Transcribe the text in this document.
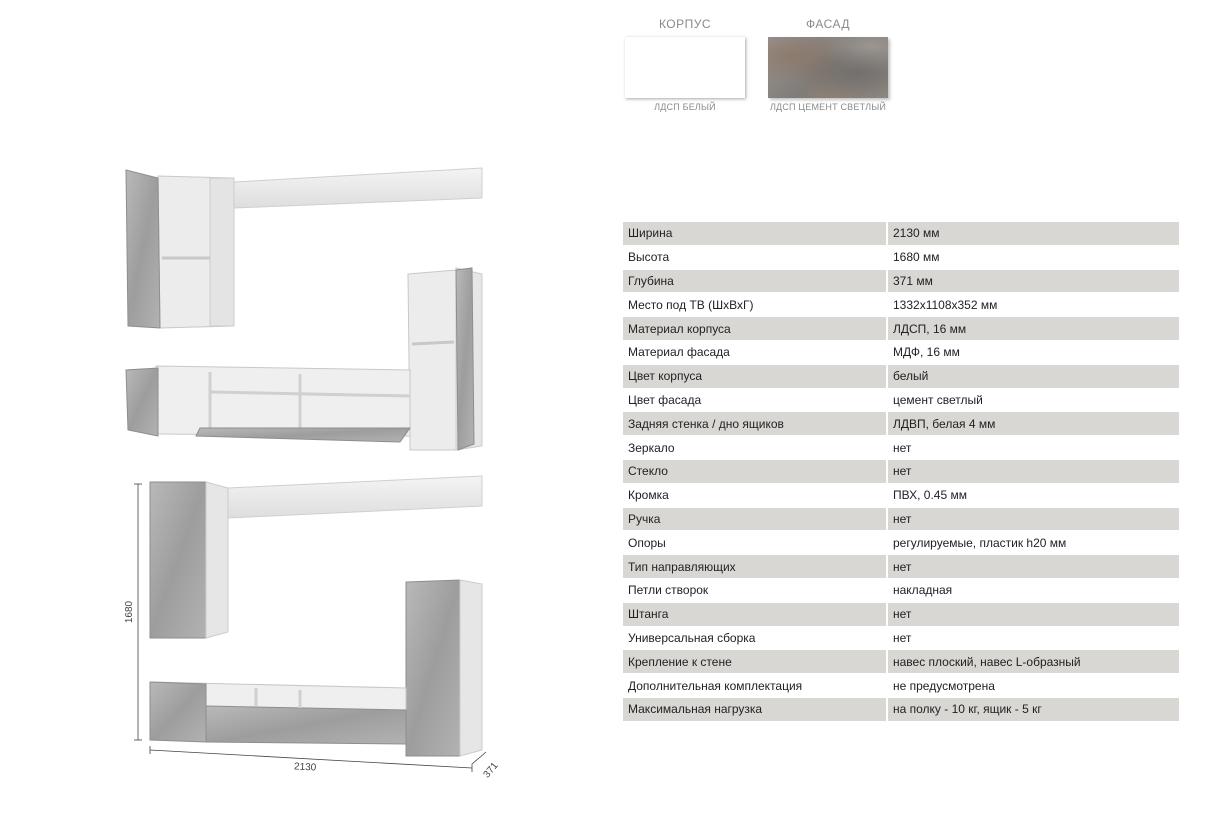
КОРПУС
ЛДСП БЕЛЫЙ
ФАСАД
ЛДСП ЦЕМЕНТ СВЕТЛЫЙ
1680
2130	371
Ширина	2130 мм
Высота	1680 мм
Глубина	371 мм
Место под ТВ (ШхВхГ)	1332х1108х352 мм
Материал корпуса	ЛДСП, 16 мм
Материал фасада	МДФ, 16 мм
Цвет корпуса	белый
Цвет фасада	цемент светлый
Задняя стенка / дно ящиков	ЛДВП, белая 4 мм
Зеркало	нет
Стекло	нет
Кромка	ПВХ, 0.45 мм
Ручка	нет
Опоры	регулируемые, пластик h20 мм
Тип направляющих	нет
Петли створок	накладная
Штанга	нет
Универсальная сборка	нет
Крепление к стене	навес плоский, навес L-образный
Дополнительная комплектация	не предусмотрена
Максимальная нагрузка	на полку - 10 кг, ящик - 5 кг
